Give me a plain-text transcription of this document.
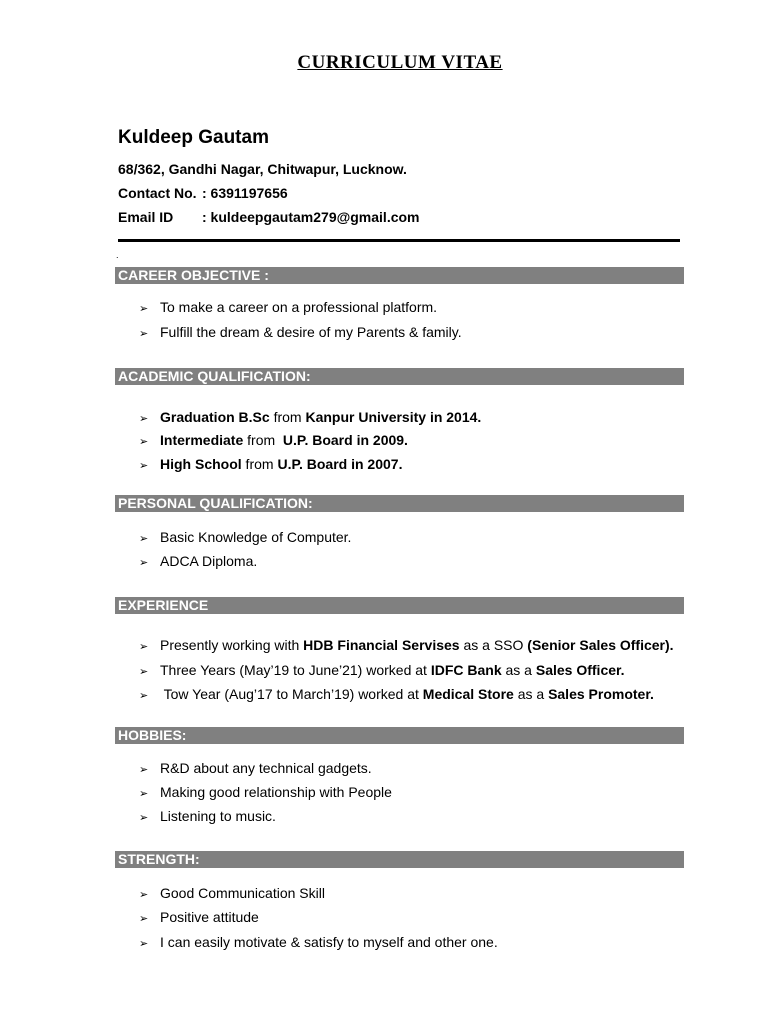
CURRICULUM VITAE
Kuldeep Gautam
68/362, Gandhi Nagar, Chitwapur, Lucknow.
Contact No. : 6391197656
Email ID : kuldeepgautam279@gmail.com
.
CAREER OBJECTIVE :
➢ To make a career on a professional platform.
➢ Fulfill the dream & desire of my Parents & family.
ACADEMIC QUALIFICATION:
➢ Graduation B.Sc from Kanpur University in 2014.
➢ Intermediate from  U.P. Board in 2009.
➢ High School from U.P. Board in 2007.
PERSONAL QUALIFICATION:
➢ Basic Knowledge of Computer.
➢ ADCA Diploma.
EXPERIENCE
➢ Presently working with HDB Financial Servises as a SSO (Senior Sales Officer).
➢ Three Years (May’19 to June’21) worked at IDFC Bank as a Sales Officer.
➢ Tow Year (Aug’17 to March’19) worked at Medical Store as a Sales Promoter.
HOBBIES:
➢ R&D about any technical gadgets.
➢ Making good relationship with People
➢ Listening to music.
STRENGTH:
➢ Good Communication Skill
➢ Positive attitude
➢ I can easily motivate & satisfy to myself and other one.
